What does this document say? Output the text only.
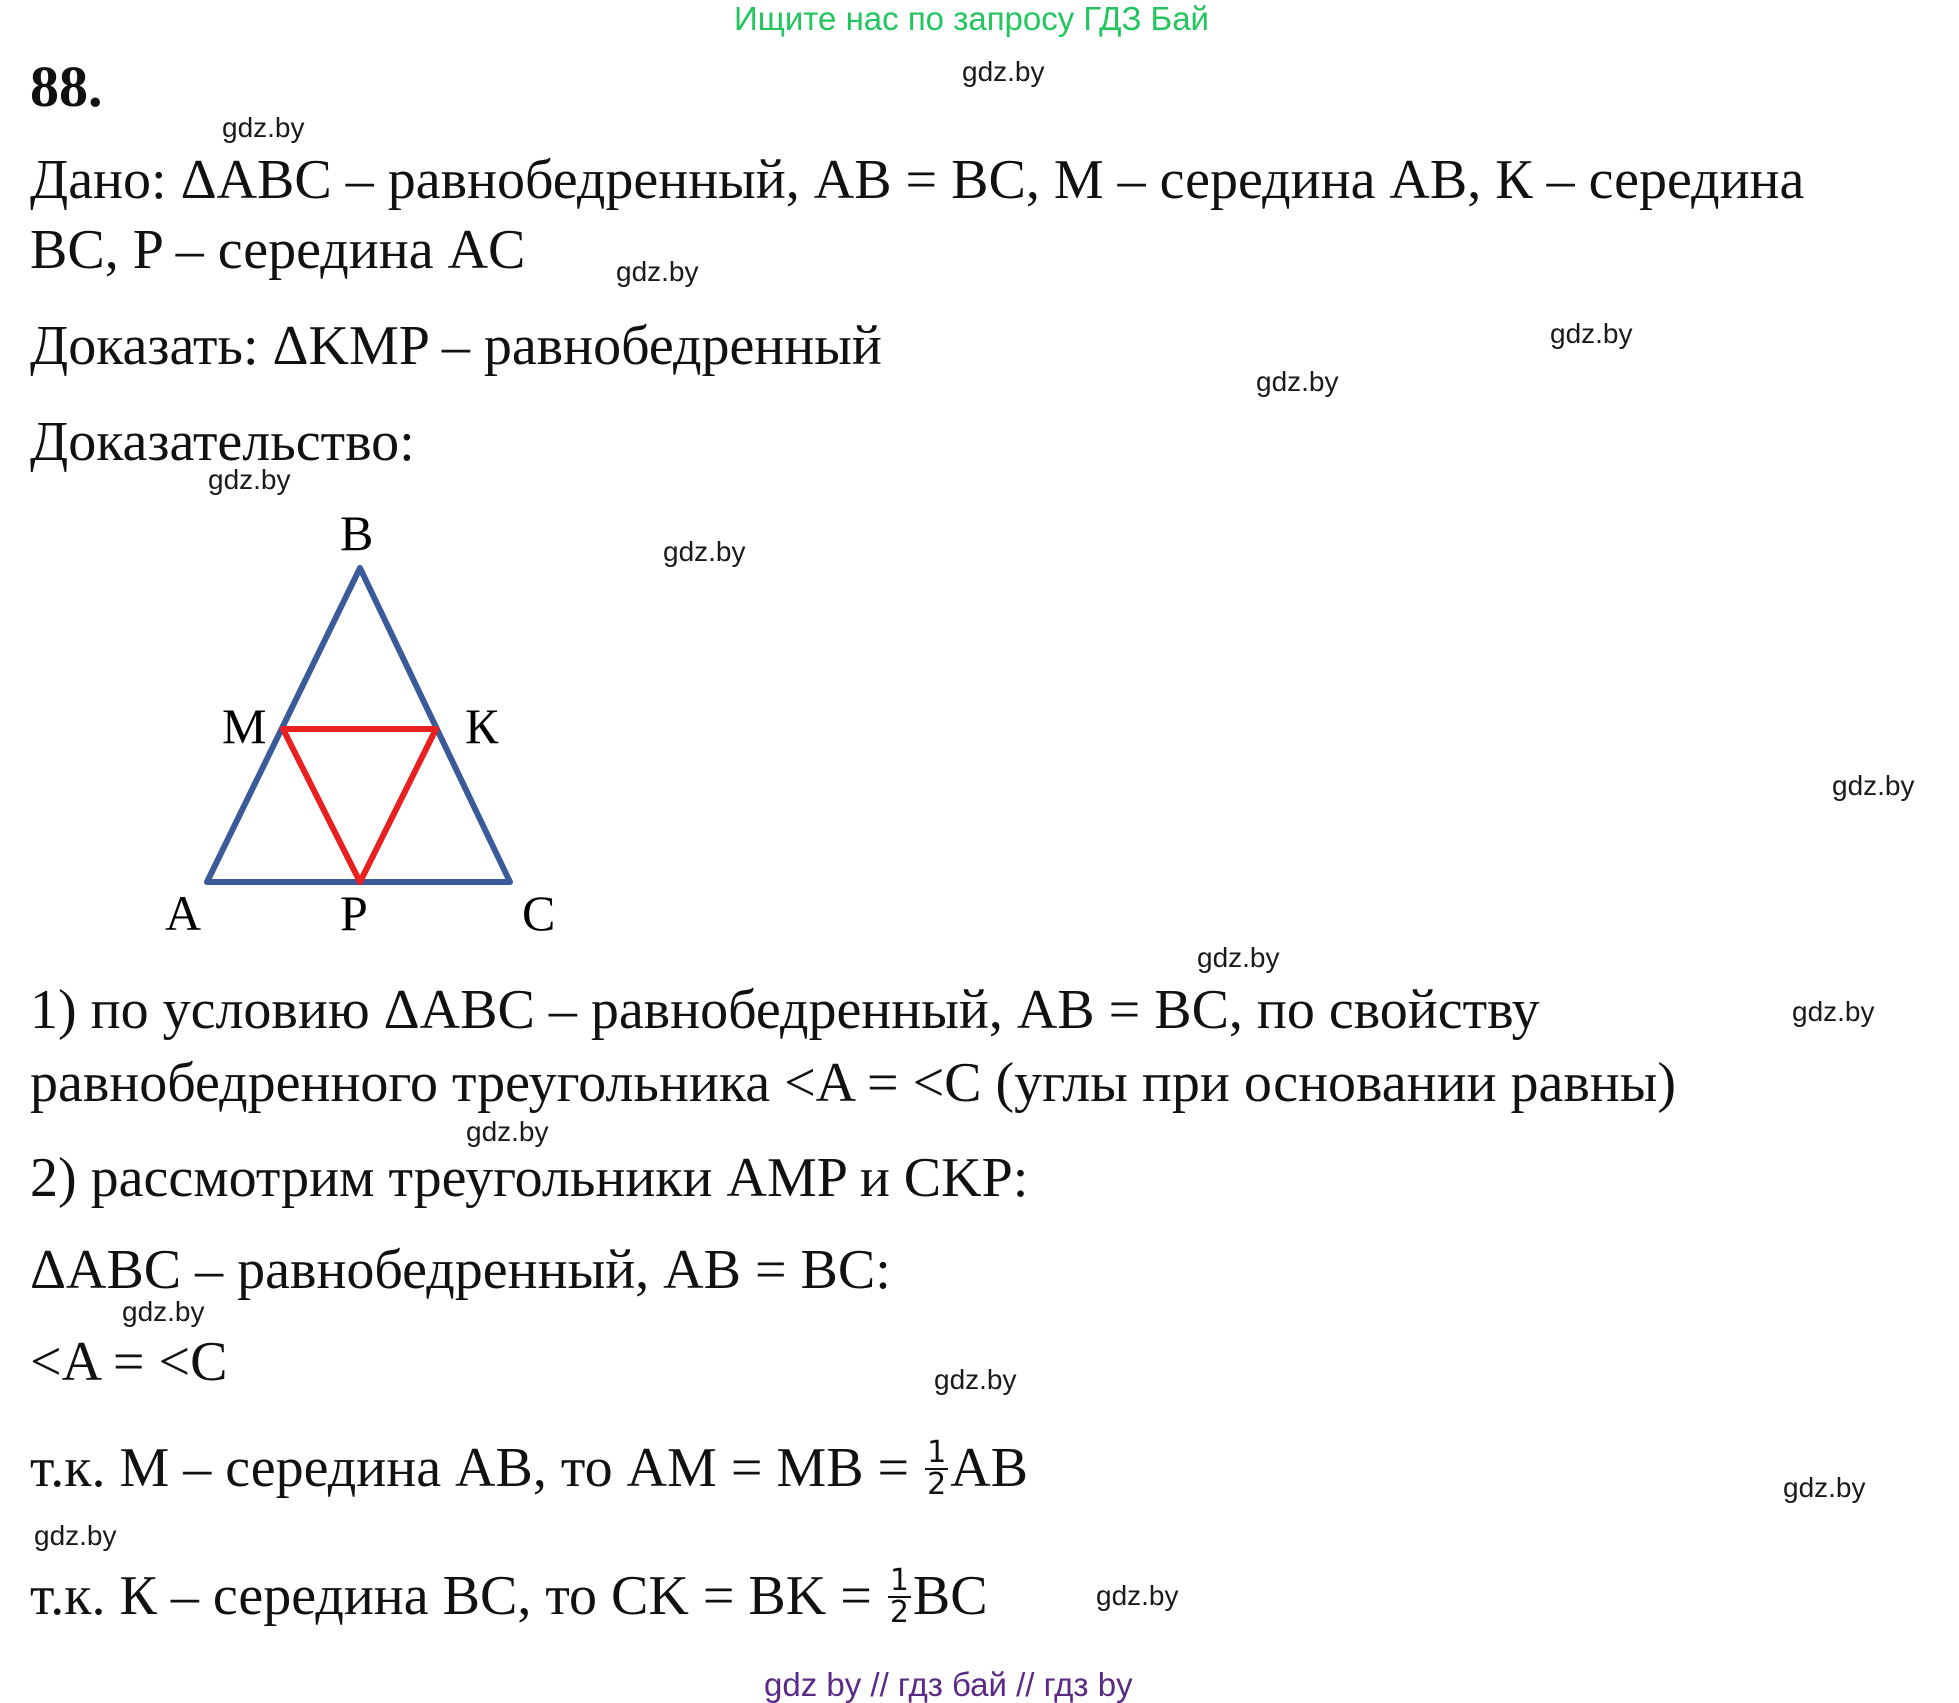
Ищите нас по запросу ГДЗ Бай
88.
Дано: ΔABC – равнобедренный, AB = BC, M – середина AB, К – середина
BC, P – середина AC
Доказать: ΔKMP – равнобедренный
Доказательство:
B
M	К
A	P	C
1) по условию ΔABC – равнобедренный, AB = BC, по свойству
равнобедренного треугольника <A = <C (углы при основании равны)
2) рассмотрим треугольники AMP и CKP:
ΔABC – равнобедренный, AB = BC:
<A = <C
т.к. M – середина AB, то AM = MB = $\frac{1}{2}$ AB
т.к. К – середина BC, то CK = BK = $\frac{1}{2}$ BC
gdz.by
gdz.by
gdz.by
gdz.by
gdz.by
gdz.by
gdz.by
gdz.by
gdz.by
gdz.by
gdz.by
gdz.by
gdz.by
gdz.by
gdz.by
gdz.by
gdz by // гдз бай // гдз by
